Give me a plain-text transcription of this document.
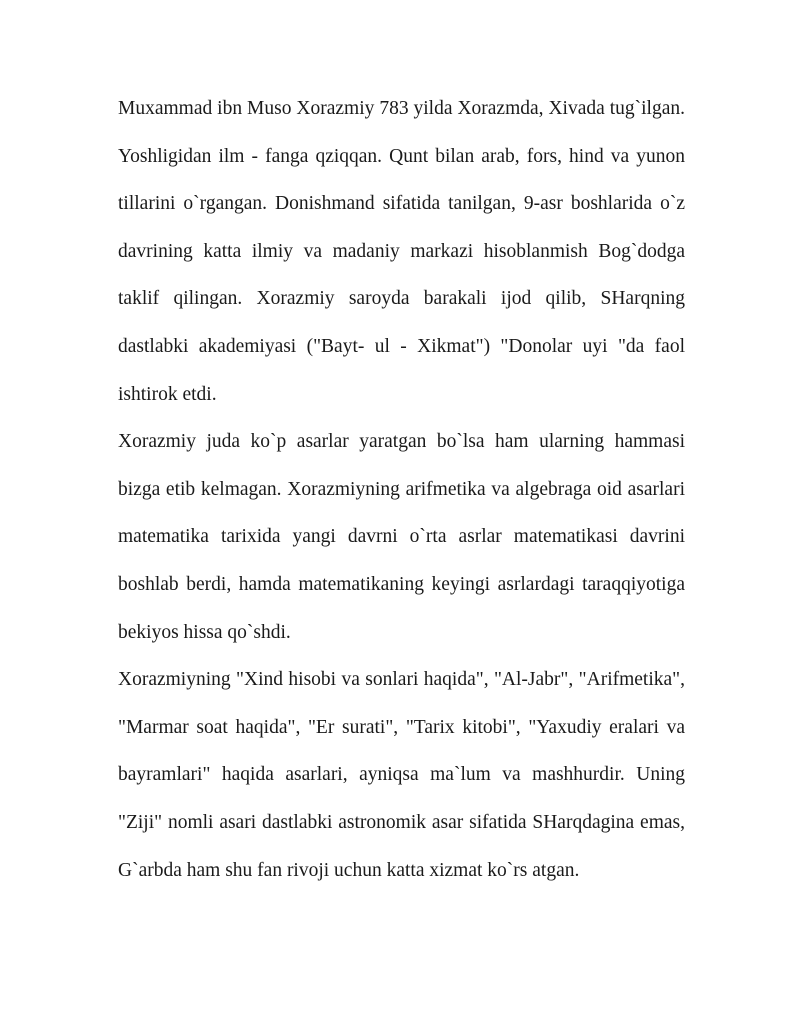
Muxammad ibn Muso Xorazmiy 783 yilda Xorazmda, Xivada tug`ilgan. Yoshligidan ilm - fanga qziqqan. Qunt bilan arab, fors, hind va yunon tillarini o`rgangan. Donishmand sifatida tanilgan, 9-asr boshlarida o`z davrining katta ilmiy va madaniy markazi hisoblanmish Bog`dodga taklif qilingan. Xorazmiy saroyda barakali ijod qilib, SHarqning dastlabki akademiyasi ("Bayt- ul - Xikmat") "Donolar uyi "da faol ishtirok etdi.

Xorazmiy juda ko`p asarlar yaratgan bo`lsa ham ularning hammasi bizga etib kelmagan. Xorazmiyning arifmetika va algebraga oid asarlari matematika tarixida yangi davrni o`rta asrlar matematikasi davrini boshlab berdi, hamda matematikaning keyingi asrlardagi taraqqiyotiga bekiyos hissa qo`shdi.

Xorazmiyning "Xind hisobi va sonlari haqida", "Al-Jabr", "Arifmetika", "Marmar soat haqida", "Er surati", "Tarix kitobi", "Yaxudiy eralari va bayramlari" haqida asarlari, ayniqsa ma`lum va mashhurdir. Uning "Ziji" nomli asari dastlabki astronomik asar sifatida SHarqdagina emas, G`arbda ham shu fan rivoji uchun katta xizmat ko`rs atgan.
